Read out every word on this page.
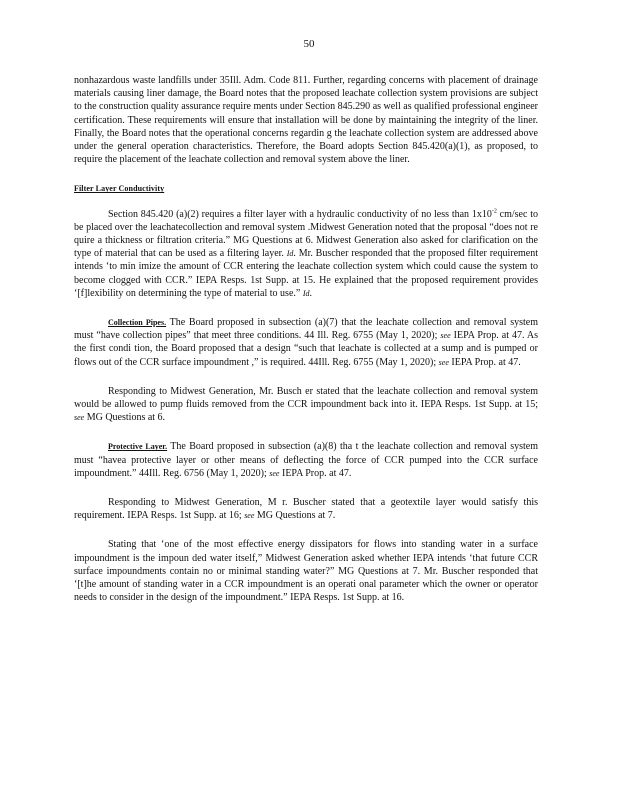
50

nonhazardous waste landfills under 35Ill. Adm. Code 811. Further, regarding concerns with placement of drainage materials causing liner damage, the Board notes that the proposed leachate collection system provisions are subject to the construction quality assurance require ments under Section 845.290 as well as qualified professional engineer certification. These requirements will ensure that installation will be done by maintaining the integrity of the liner. Finally, the Board notes that the operational concerns regardin g the leachate collection system are addressed above under the general operation characteristics. Therefore, the Board adopts Section 845.420(a)(1), as proposed, to require the placement of the leachate collection and removal system above the liner.

Filter Layer Conductivity

Section 845.420 (a)(2) requires a filter layer with a hydraulic conductivity of no less than $1x10^{-2}$ cm/sec to be placed over the leachatecollection and removal system .Midwest Generation noted that the proposal “does not re quire a thickness or filtration criteria.” MG Questions at 6. Midwest Generation also asked for clarification on the type of material that can be used as a filtering layer. Id. Mr. Buscher responded that the proposed filter requirement intends ‘to min imize the amount of CCR entering the leachate collection system which could cause the system to become clogged with CCR.” IEPA Resps. 1st Supp. at 15. He explained that the proposed requirement provides ‘[f]lexibility on determining the type of material to use.” Id.

Collection Pipes. The Board proposed in subsection (a)(7) that the leachate collection and removal system must “have collection pipes” that meet three conditions. 44 Ill. Reg. 6755 (May 1, 2020); see IEPA Prop. at 47. As the first condi tion, the Board proposed that a design “such that leachate is collected at a sump and is pumped or flows out of the CCR surface impoundment ,” is required. 44Ill. Reg. 6755 (May 1, 2020); see IEPA Prop. at 47.

Responding to Midwest Generation, Mr. Busch er stated that the leachate collection and removal system would be allowed to pump fluids removed from the CCR impoundment back into it. IEPA Resps. 1st Supp. at 15; see MG Questions at 6.

Protective Layer. The Board proposed in subsection (a)(8) tha t the leachate collection and removal system must “havea protective layer or other means of deflecting the force of CCR pumped into the CCR surface impoundment.” 44Ill. Reg. 6756 (May 1, 2020); see IEPA Prop. at 47.

Responding to Midwest Generation, M r. Buscher stated that a geotextile layer would satisfy this requirement. IEPA Resps. 1st Supp. at 16; see MG Questions at 7.

Stating that ‘one of the most effective energy dissipators for flows into standing water in a surface impoundment is the impoun ded water itself,” Midwest Generation asked whether IEPA intends ‘that future CCR surface impoundments contain no or minimal standing water?” MG Questions at 7. Mr. Buscher responded that ‘[t]he amount of standing water in a CCR impoundment is an operati onal parameter which the owner or operator needs to consider in the design of the impoundment.” IEPA Resps. 1st Supp. at 16.
